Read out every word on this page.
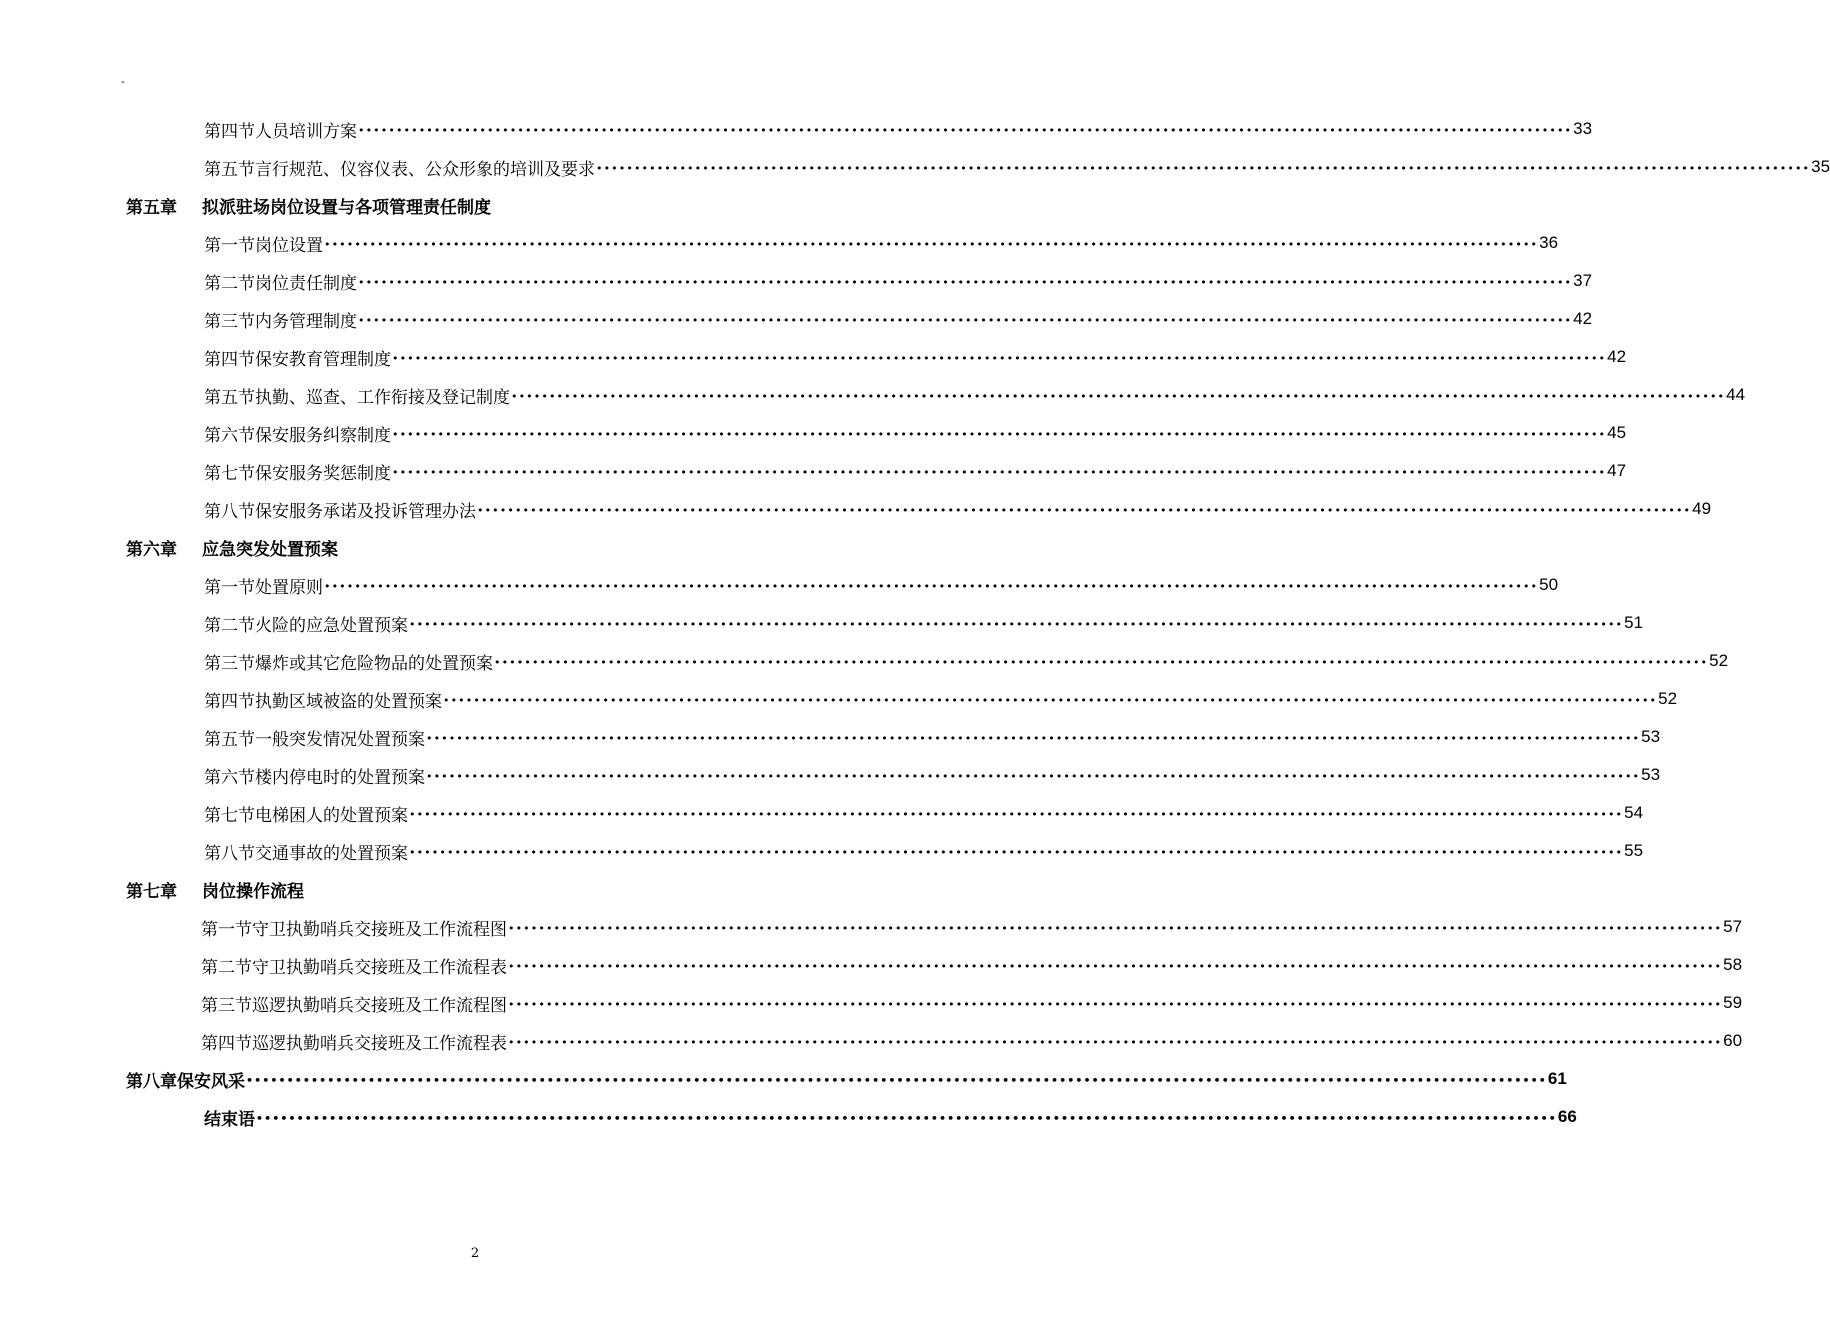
-
第四节 人员培训方案 •••••••••••••••••••••••••••••••••••••••••••••••••••••••••••••••••••••••••••••••••••••••••••••••••••••••••••••••••••••••••••••••••••••••••••••••••••••••••••••••• 33
第五节 言行规范、仪容仪表、公众形象的培训及要求 •••••••••••••••••••••••••••••••••••••••••••••••••••••••••••••••••••••••••••••••••••••••••••••••••••••••••••••••••••••••••••••••••••••••••••••••••••••••••••••••• 35
第五章	拟派驻场岗位设置与各项管理责任制度
第一节 岗位设置 •••••••••••••••••••••••••••••••••••••••••••••••••••••••••••••••••••••••••••••••••••••••••••••••••••••••••••••••••••••••••••••••••••••••••••••••••••••••••••••••• 36
第二节 岗位责任制度 •••••••••••••••••••••••••••••••••••••••••••••••••••••••••••••••••••••••••••••••••••••••••••••••••••••••••••••••••••••••••••••••••••••••••••••••••••••••••••••••• 37
第三节 内务管理制度 •••••••••••••••••••••••••••••••••••••••••••••••••••••••••••••••••••••••••••••••••••••••••••••••••••••••••••••••••••••••••••••••••••••••••••••••••••••••••••••••• 42
第四节 保安教育管理制度 •••••••••••••••••••••••••••••••••••••••••••••••••••••••••••••••••••••••••••••••••••••••••••••••••••••••••••••••••••••••••••••••••••••••••••••••••••••••••••••••• 42
第五节 执勤、巡查、工作衔接及登记制度 •••••••••••••••••••••••••••••••••••••••••••••••••••••••••••••••••••••••••••••••••••••••••••••••••••••••••••••••••••••••••••••••••••••••••••••••••••••••••••••••• 44
第六节 保安服务纠察制度 •••••••••••••••••••••••••••••••••••••••••••••••••••••••••••••••••••••••••••••••••••••••••••••••••••••••••••••••••••••••••••••••••••••••••••••••••••••••••••••••• 45
第七节 保安服务奖惩制度 •••••••••••••••••••••••••••••••••••••••••••••••••••••••••••••••••••••••••••••••••••••••••••••••••••••••••••••••••••••••••••••••••••••••••••••••••••••••••••••••• 47
第八节 保安服务承诺及投诉管理办法 •••••••••••••••••••••••••••••••••••••••••••••••••••••••••••••••••••••••••••••••••••••••••••••••••••••••••••••••••••••••••••••••••••••••••••••••••••••••••••••••• 49
第六章	应急突发处置预案
第一节 处置原则 •••••••••••••••••••••••••••••••••••••••••••••••••••••••••••••••••••••••••••••••••••••••••••••••••••••••••••••••••••••••••••••••••••••••••••••••••••••••••••••••• 50
第二节 火险的应急处置预案 •••••••••••••••••••••••••••••••••••••••••••••••••••••••••••••••••••••••••••••••••••••••••••••••••••••••••••••••••••••••••••••••••••••••••••••••••••••••••••••••• 51
第三节 爆炸或其它危险物品的处置预案 •••••••••••••••••••••••••••••••••••••••••••••••••••••••••••••••••••••••••••••••••••••••••••••••••••••••••••••••••••••••••••••••••••••••••••••••••••••••••••••••• 52
第四节 执勤区域被盗的处置预案 •••••••••••••••••••••••••••••••••••••••••••••••••••••••••••••••••••••••••••••••••••••••••••••••••••••••••••••••••••••••••••••••••••••••••••••••••••••••••••••••• 52
第五节 一般突发情况处置预案 •••••••••••••••••••••••••••••••••••••••••••••••••••••••••••••••••••••••••••••••••••••••••••••••••••••••••••••••••••••••••••••••••••••••••••••••••••••••••••••••• 53
第六节 楼内停电时的处置预案 •••••••••••••••••••••••••••••••••••••••••••••••••••••••••••••••••••••••••••••••••••••••••••••••••••••••••••••••••••••••••••••••••••••••••••••••••••••••••••••••• 53
第七节 电梯困人的处置预案 •••••••••••••••••••••••••••••••••••••••••••••••••••••••••••••••••••••••••••••••••••••••••••••••••••••••••••••••••••••••••••••••••••••••••••••••••••••••••••••••• 54
第八节 交通事故的处置预案 •••••••••••••••••••••••••••••••••••••••••••••••••••••••••••••••••••••••••••••••••••••••••••••••••••••••••••••••••••••••••••••••••••••••••••••••••••••••••••••••• 55
第七章	岗位操作流程
第一节 守卫执勤哨兵交接班及工作流程图 •••••••••••••••••••••••••••••••••••••••••••••••••••••••••••••••••••••••••••••••••••••••••••••••••••••••••••••••••••••••••••••••••••••••••••••••••••••••••••••••• 57
第二节 守卫执勤哨兵交接班及工作流程表 •••••••••••••••••••••••••••••••••••••••••••••••••••••••••••••••••••••••••••••••••••••••••••••••••••••••••••••••••••••••••••••••••••••••••••••••••••••••••••••••• 58
第三节 巡逻执勤哨兵交接班及工作流程图 •••••••••••••••••••••••••••••••••••••••••••••••••••••••••••••••••••••••••••••••••••••••••••••••••••••••••••••••••••••••••••••••••••••••••••••••••••••••••••••••• 59
第四节 巡逻执勤哨兵交接班及工作流程表 •••••••••••••••••••••••••••••••••••••••••••••••••••••••••••••••••••••••••••••••••••••••••••••••••••••••••••••••••••••••••••••••••••••••••••••••••••••••••••••••• 60
第八章 保安风采 •••••••••••••••••••••••••••••••••••••••••••••••••••••••••••••••••••••••••••••••••••••••••••••••••••••••••••••••••••••••••••••••••••••••••••••••••••••••••••••••• 61
结束语 •••••••••••••••••••••••••••••••••••••••••••••••••••••••••••••••••••••••••••••••••••••••••••••••••••••••••••••••••••••••••••••••••••••••••••••••••••••••••••••••• 66
2
